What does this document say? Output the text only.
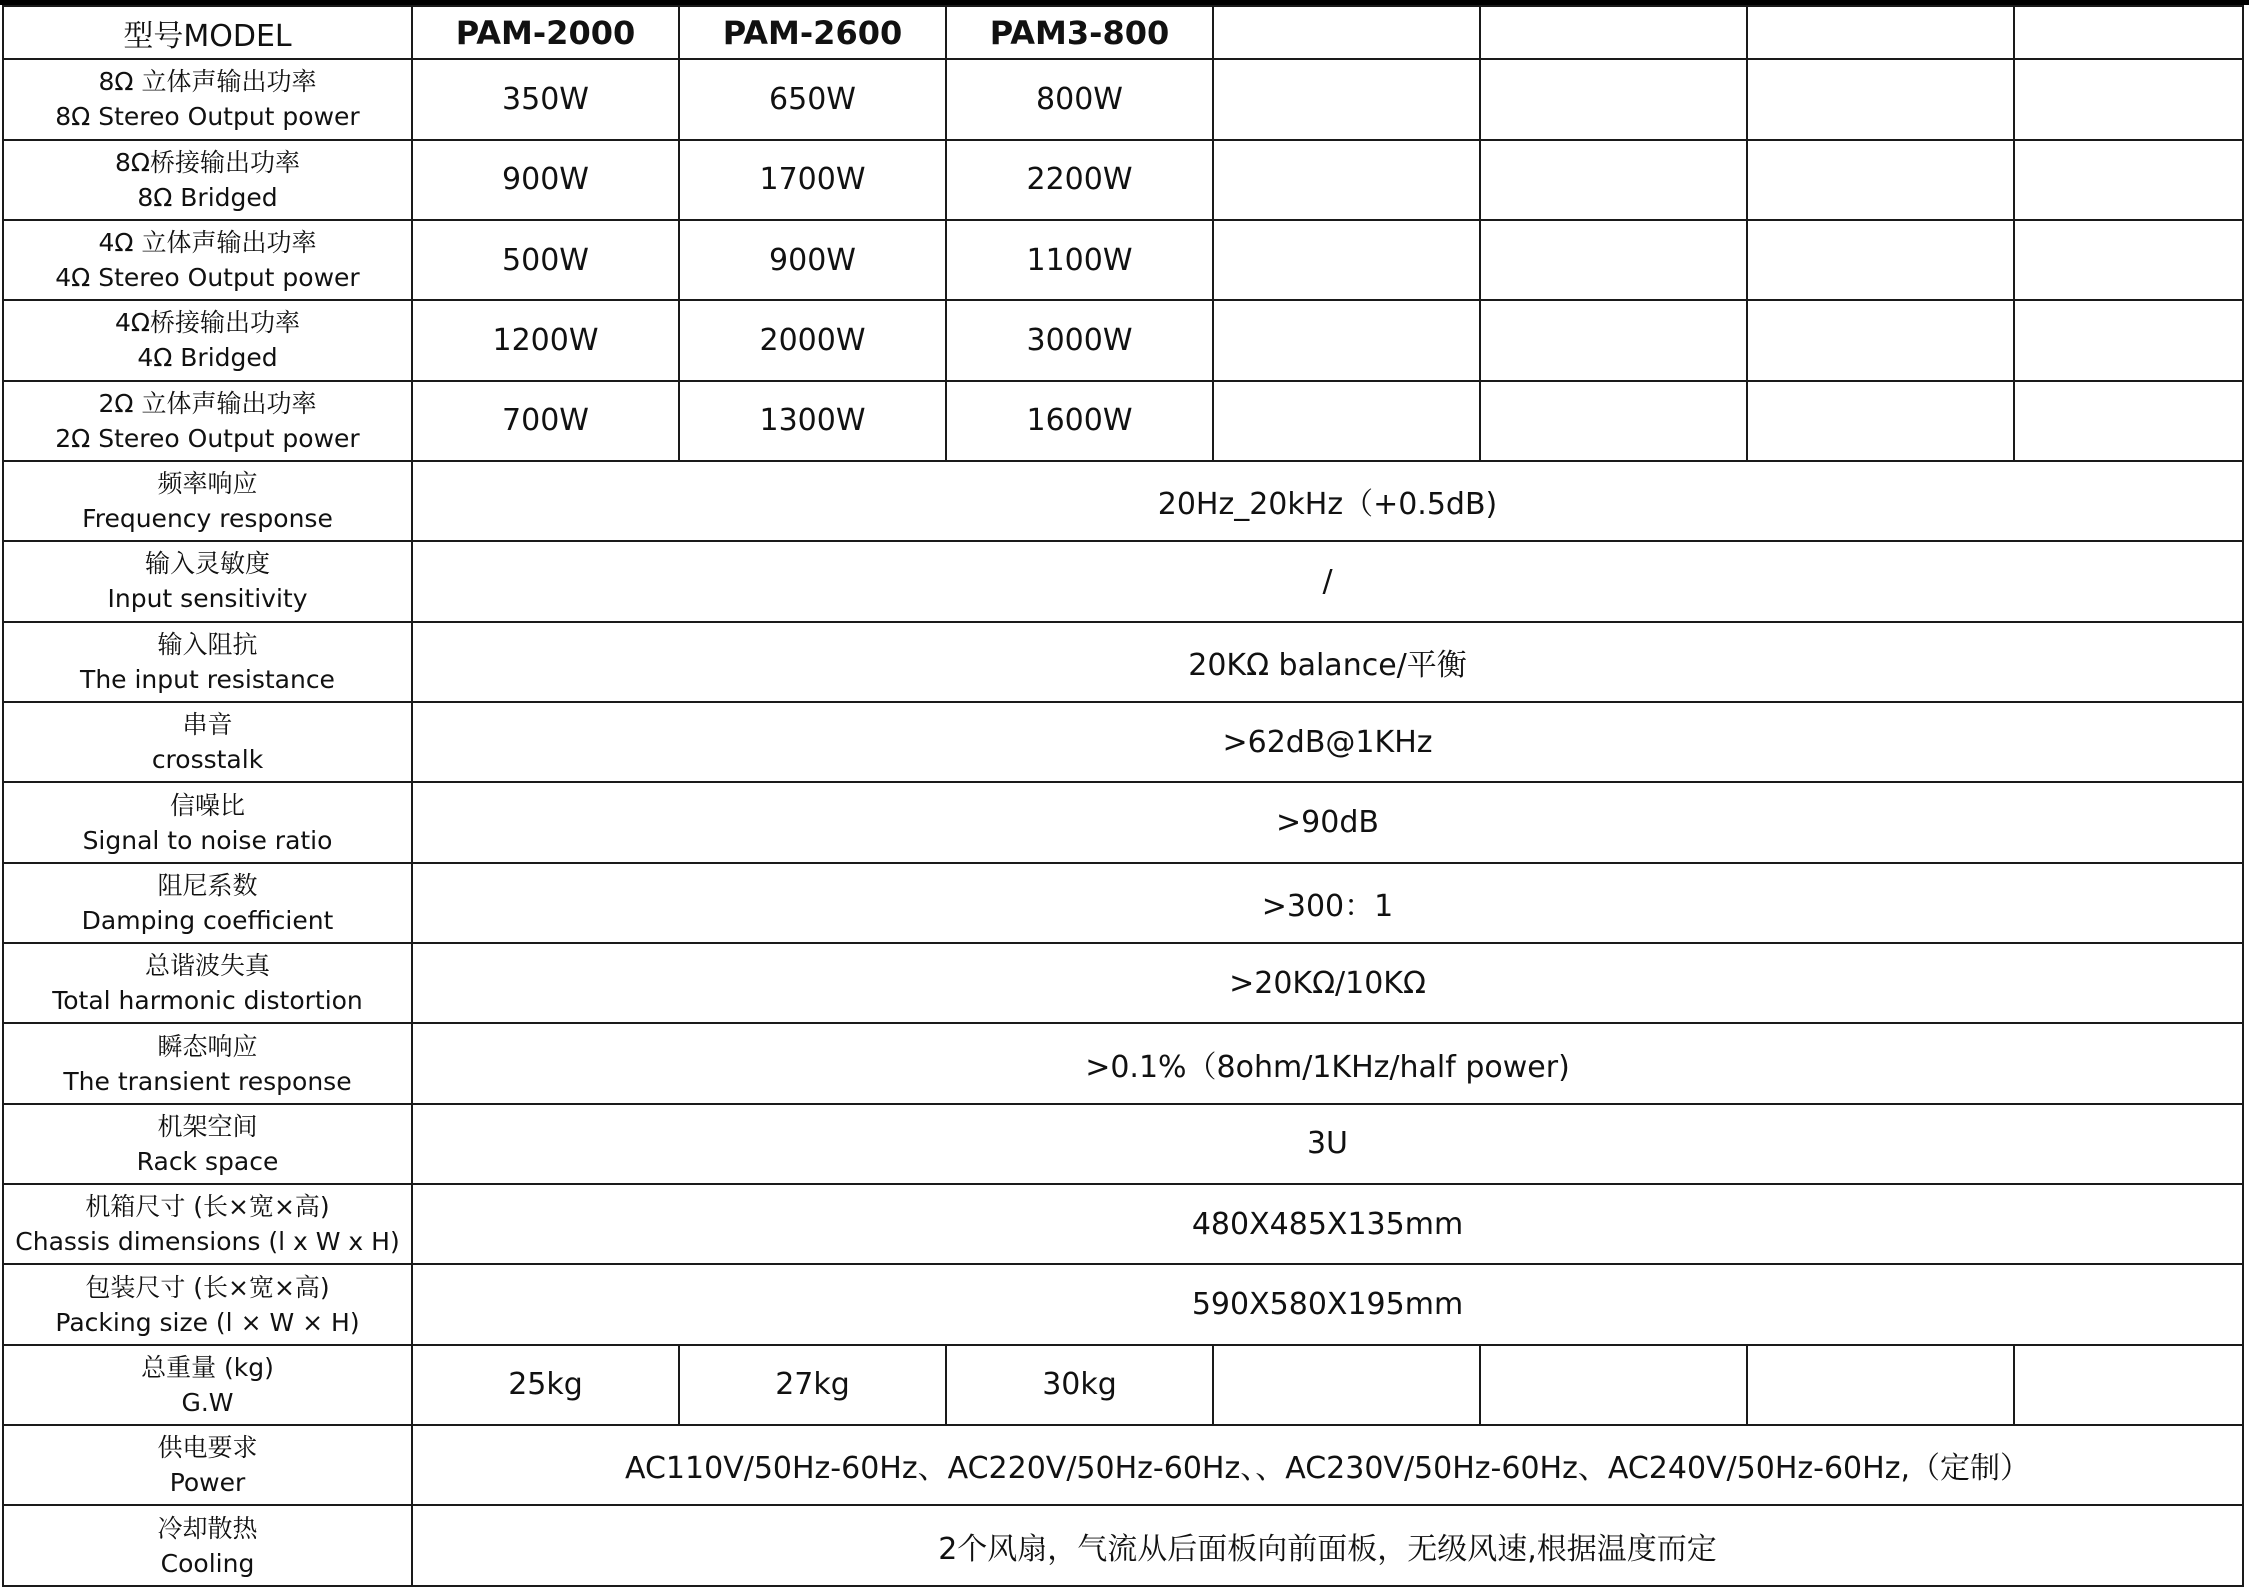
型号MODEL	PAM-2000	PAM-2600	PAM3-800				

8Ω 立体声输出功率
8Ω Stereo Output power	350W	650W	800W				

8Ω桥接输出功率
8Ω Bridged	900W	1700W	2200W				

4Ω 立体声输出功率
4Ω Stereo Output power	500W	900W	1100W				

4Ω桥接输出功率
4Ω Bridged	1200W	2000W	3000W				

2Ω 立体声输出功率
2Ω Stereo Output power	700W	1300W	1600W				

频率响应
Frequency response	20Hz_20kHz（+0.5dB)						

输入灵敏度
Input sensitivity	/						

输入阻抗
The input resistance	20KΩ balance/平衡						

串音
crosstalk	>62dB@1KHz						

信噪比
Signal to noise ratio	>90dB						

阻尼系数
Damping coefficient	>300：1						

总谐波失真
Total harmonic distortion	>20KΩ/10KΩ						

瞬态响应
The transient response	>0.1%（8ohm/1KHz/half power)						

机架空间
Rack space	3U						

机箱尺寸 (长×宽×高)
Chassis dimensions (l x W x H)	480X485X135mm						

包装尺寸 (长×宽×高)
Packing size (l × W × H)	590X580X195mm						

总重量 (kg)
G.W	25kg	27kg	30kg				

供电要求
Power	AC110V/50Hz-60Hz、AC220V/50Hz-60Hz、、AC230V/50Hz-60Hz、AC240V/50Hz-60Hz,（定制）						

冷却散热
Cooling	2个风扇，气流从后面板向前面板，无级风速,根据温度而定						
